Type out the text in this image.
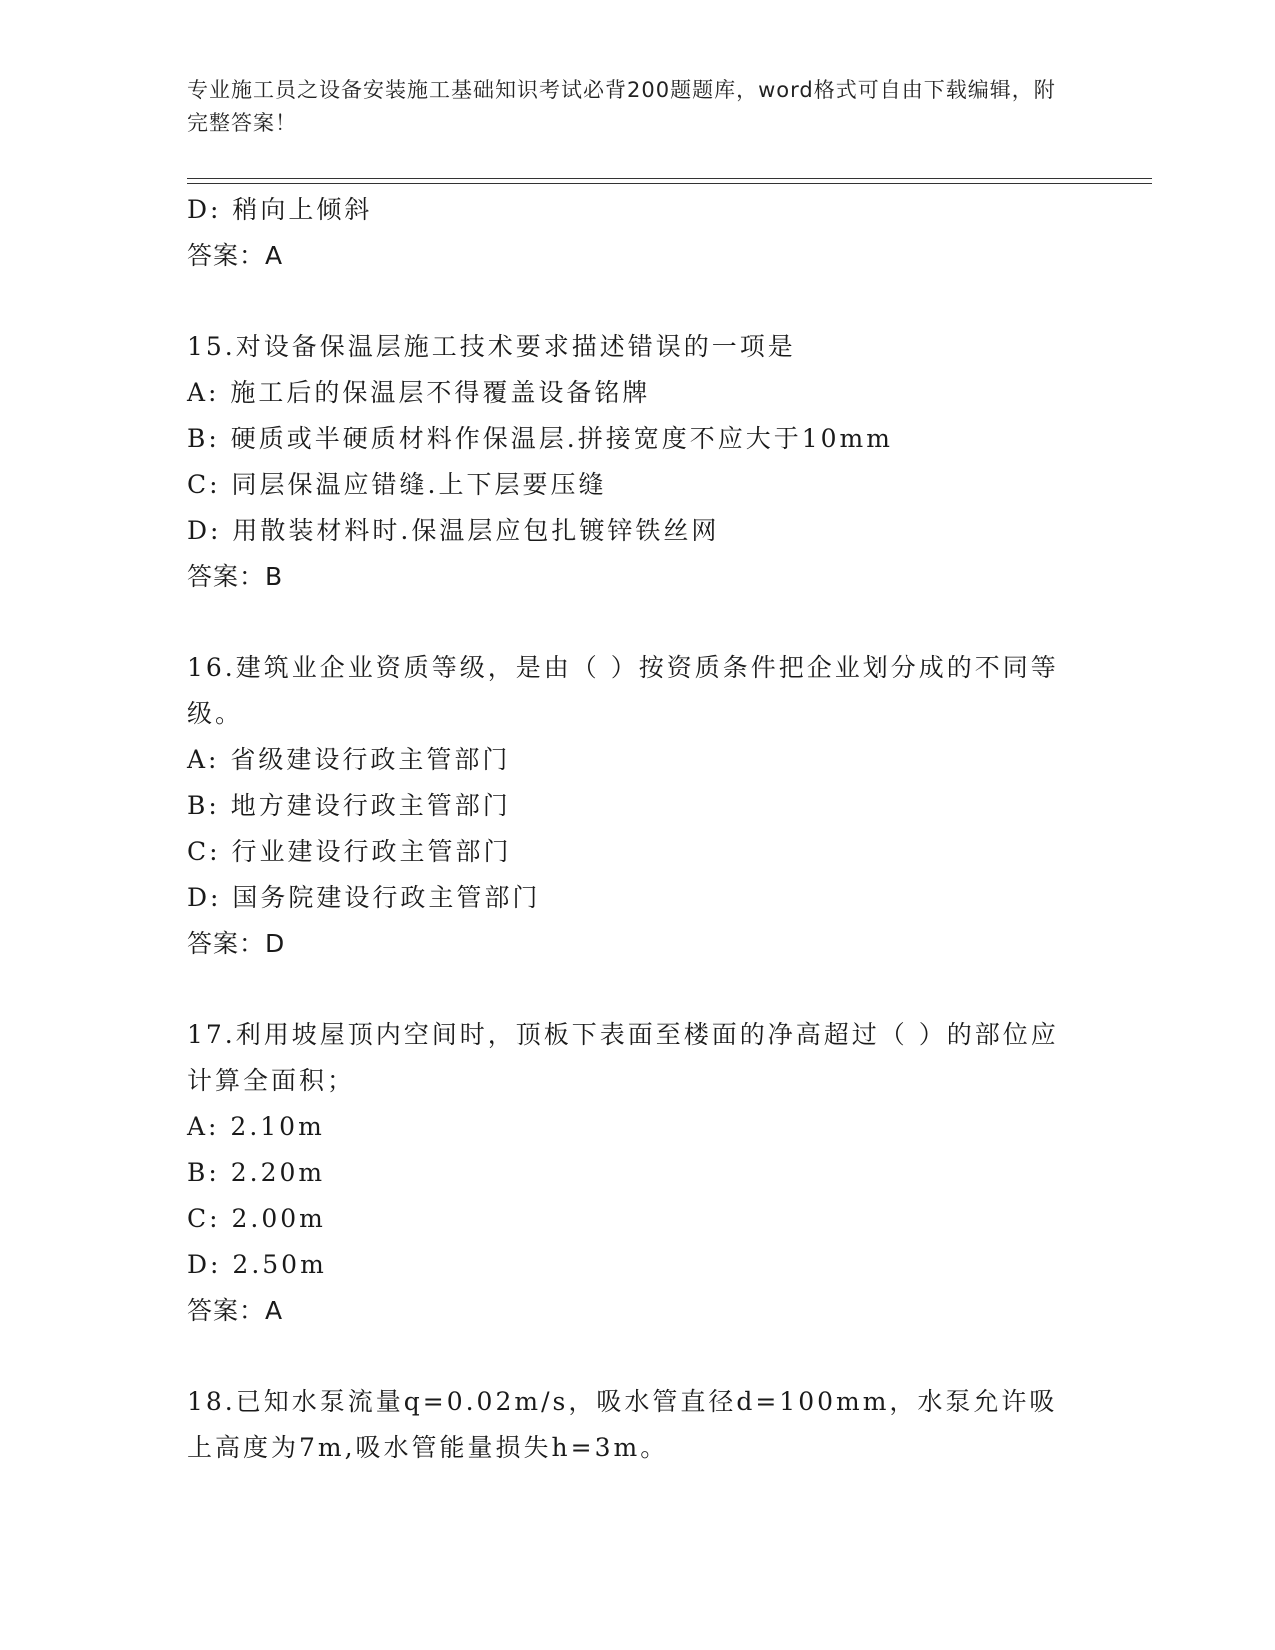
专业施工员之设备安装施工基础知识考试必背200题题库，word格式可自由下载编辑，附完整答案！
D: 稍向上倾斜
答案：A
15.对设备保温层施工技术要求描述错误的一项是
A: 施工后的保温层不得覆盖设备铭牌
B: 硬质或半硬质材料作保温层.拼接宽度不应大于10mm
C: 同层保温应错缝.上下层要压缝
D: 用散装材料时.保温层应包扎镀锌铁丝网
答案：B
16.建筑业企业资质等级，是由（ ）按资质条件把企业划分成的不同等级。
A: 省级建设行政主管部门
B: 地方建设行政主管部门
C: 行业建设行政主管部门
D: 国务院建设行政主管部门
答案：D
17.利用坡屋顶内空间时，顶板下表面至楼面的净高超过（ ）的部位应计算全面积；
A: 2.10m
B: 2.20m
C: 2.00m
D: 2.50m
答案：A
18.已知水泵流量q=0.02m/s，吸水管直径d=100mm，水泵允许吸上高度为7m,吸水管能量损失h=3m。
